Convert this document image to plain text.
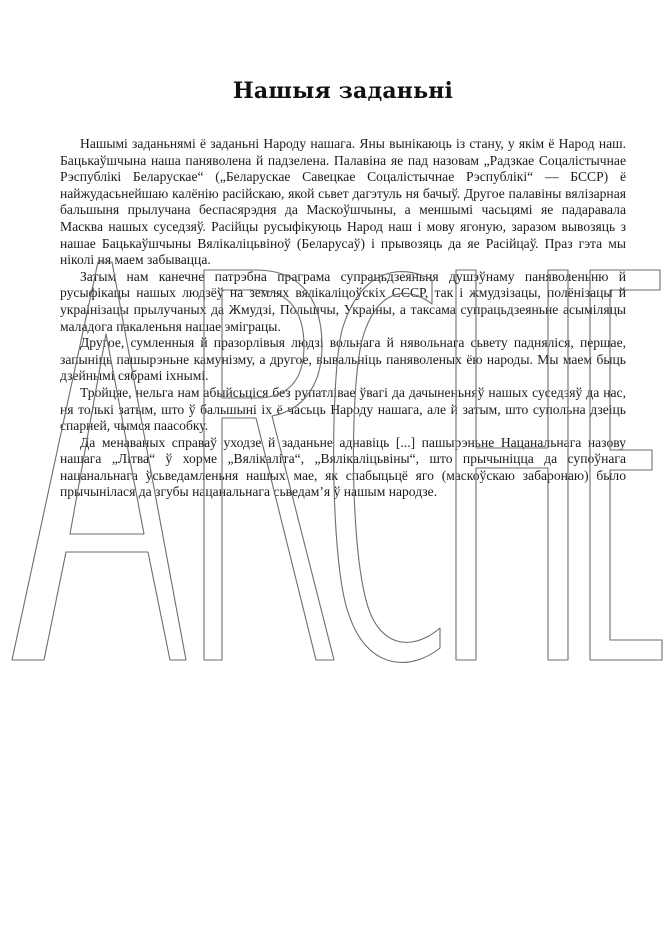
Нашыя заданьні

Нашымі заданьнямі ё заданьні Народу нашага. Яны вынікаюць із стану, у якім ё Народ наш. Бацькаўшчына наша паняволена й падзелена. Палавіна яе пад назовам „Радзкае Соцалістычнае Рэспублікі Беларускае“ („Беларускае Савецкае Соцалістычнае Рэспублікі“ — БССР) ё найжудасьнейшаю калёнію расійскаю, якой сьвет дагэтуль ня бачыў. Другое палавіны вялізарная бальшыня прылучана беспасярэдня да Маскоўшчыны, а меншымі часьцямі яе падаравала Масква нашых суседзяў. Расійцы русыфікуюць Народ наш і мову ягоную, заразом вывозяць з нашае Бацькаўшчыны Вялікаліцьвіноў (Беларусаў) і прывозяць да яе Расійцаў. Праз гэта мы ніколі ня маем забывацца.

Затым нам канечне патрэбна праграма супрацьдзеяньня душэўнаму паняволеньню й русыфікацы нашых людзёў на землях вялікаліцоўскіх СССР, так і жмудзізацы, полёнізацы й украінізацы прылучаных да Жмудзі, Польшчы, Украіны, а таксама супрацьдзеяньне асыміляцы маладога пакаленьня нашае эміграцы.

Другое, сумленныя й празорлівыя людзі вольнага й нявольнага сьвету падняліся, першае, запыніць пашырэньне камунізму, а другое, вывальніць паняволеных ёю народы. Мы маем быць дзейнымі сябрамі іхнымі.

Тройцяе, нельга нам абыйсьціся без рупатлівае ўвагі да дачыненьняў нашых суседзяў да нас, ня толькі затым, што ў бальшыні іх ё часьць Народу нашага, але й затым, што супольна дзеіць спарней, чымся паасобку.

Да менаваных справаў уходзе й заданьне аднавіць [...] пашырэньне Нацанальнага назову нашага „Літва“ ў хорме „Вялікаліта“, „Вялікаліцьвіны“, што прычыніцца да супоўнага нацанальнага ўсьведамленьня нашых мае, як спабыцьцё яго (маскоўскаю забаронаю) было прычынілася да згубы нацанальнага сьведам’я ў нашым народзе.
